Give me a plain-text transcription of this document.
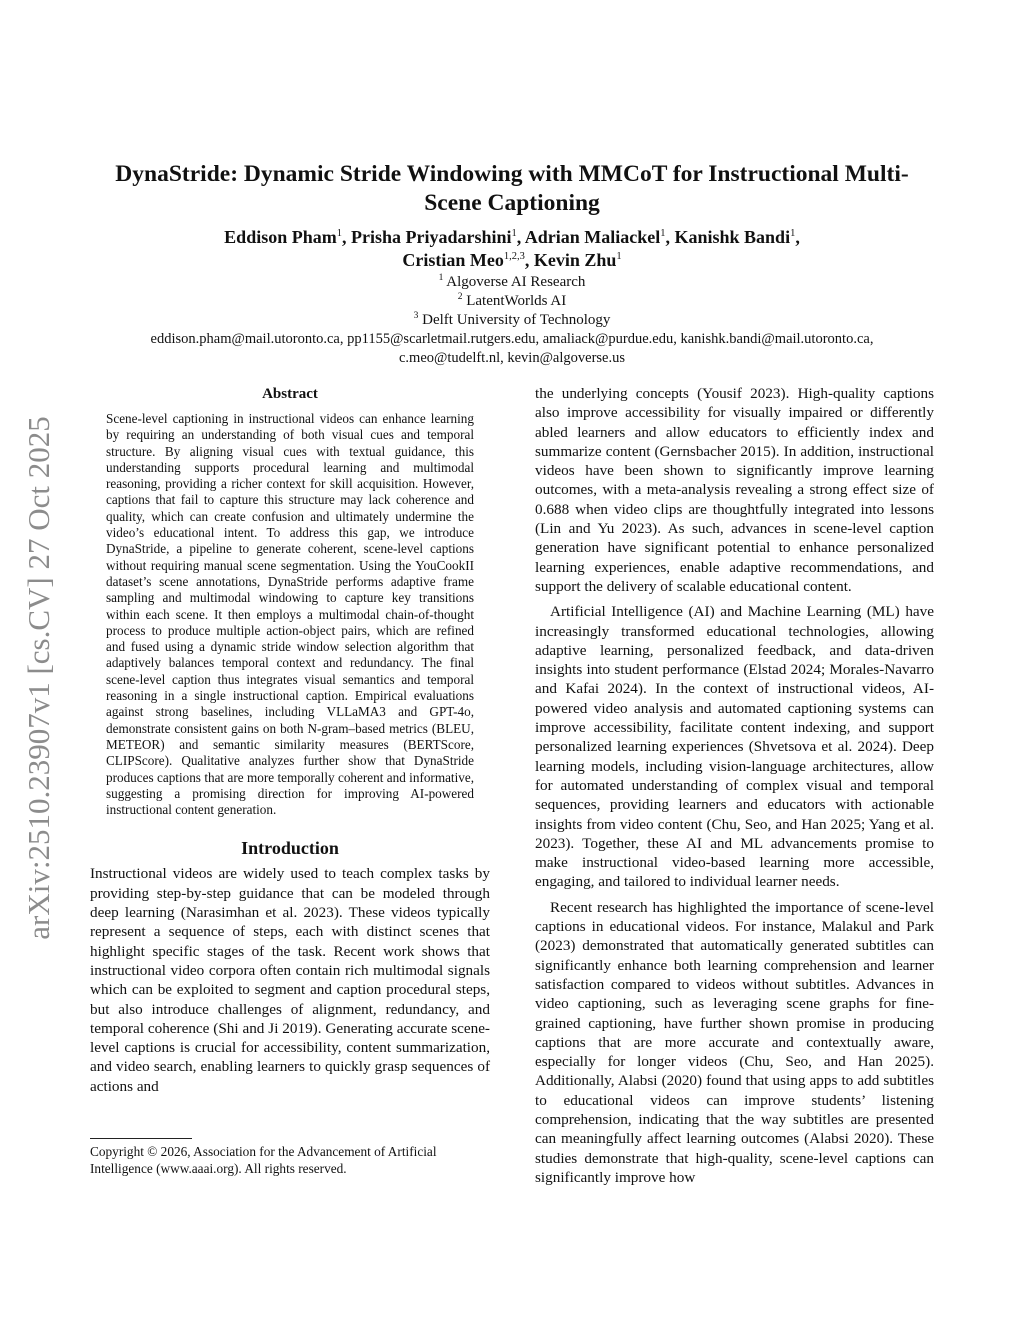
arXiv:2510.23907v1 [cs.CV] 27 Oct 2025
DynaStride: Dynamic Stride Windowing with MMCoT for Instructional Multi-Scene Captioning
Eddison Pham$^1$, Prisha Priyadarshini$^1$, Adrian Maliackel$^1$, Kanishk Bandi$^1$,
Cristian Meo$^{1,2,3}$, Kevin Zhu$^1$
$^1$ Algoverse AI Research
$^2$ LatentWorlds AI
$^3$ Delft University of Technology
eddison.pham@mail.utoronto.ca, pp1155@scarletmail.rutgers.edu, amaliack@purdue.edu, kanishk.bandi@mail.utoronto.ca,
c.meo@tudelft.nl, kevin@algoverse.us
Abstract

Scene-level captioning in instructional videos can enhance learning by requiring an understanding of both visual cues and temporal structure. By aligning visual cues with textual guidance, this understanding supports procedural learning and multimodal reasoning, providing a richer context for skill acquisition. However, captions that fail to capture this structure may lack coherence and quality, which can create confusion and ultimately undermine the video’s educational intent. To address this gap, we introduce DynaStride, a pipeline to generate coherent, scene-level captions without requiring manual scene segmentation. Using the YouCookII dataset’s scene annotations, DynaStride performs adaptive frame sampling and multimodal windowing to capture key transitions within each scene. It then employs a multimodal chain-of-thought process to produce multiple action-object pairs, which are refined and fused using a dynamic stride window selection algorithm that adaptively balances temporal context and redundancy. The final scene-level caption thus integrates visual semantics and temporal reasoning in a single instructional caption. Empirical evaluations against strong baselines, including VLLaMA3 and GPT-4o, demonstrate consistent gains on both N-gram–based metrics (BLEU, METEOR) and semantic similarity measures (BERTScore, CLIPScore). Qualitative analyzes further show that DynaStride produces captions that are more temporally coherent and informative, suggesting a promising direction for improving AI-powered instructional content generation.

Introduction

Instructional videos are widely used to teach complex tasks by providing step-by-step guidance that can be modeled through deep learning (Narasimhan et al. 2023). These videos typically represent a sequence of steps, each with distinct scenes that highlight specific stages of the task. Recent work shows that instructional video corpora often contain rich multimodal signals which can be exploited to segment and caption procedural steps, but also introduce challenges of alignment, redundancy, and temporal coherence (Shi and Ji 2019). Generating accurate scene-level captions is crucial for accessibility, content summarization, and video search, enabling learners to quickly grasp sequences of actions and

the underlying concepts (Yousif 2023). High-quality captions also improve accessibility for visually impaired or differently abled learners and allow educators to efficiently index and summarize content (Gernsbacher 2015). In addition, instructional videos have been shown to significantly improve learning outcomes, with a meta-analysis revealing a strong effect size of 0.688 when video clips are thoughtfully integrated into lessons (Lin and Yu 2023). As such, advances in scene-level caption generation have significant potential to enhance personalized learning experiences, enable adaptive recommendations, and support the delivery of scalable educational content.

Artificial Intelligence (AI) and Machine Learning (ML) have increasingly transformed educational technologies, allowing adaptive learning, personalized feedback, and data-driven insights into student performance (Elstad 2024; Morales-Navarro and Kafai 2024). In the context of instructional videos, AI-powered video analysis and automated captioning systems can improve accessibility, facilitate content indexing, and support personalized learning experiences (Shvetsova et al. 2024). Deep learning models, including vision-language architectures, allow for automated understanding of complex visual and temporal sequences, providing learners and educators with actionable insights from video content (Chu, Seo, and Han 2025; Yang et al. 2023). Together, these AI and ML advancements promise to make instructional video-based learning more accessible, engaging, and tailored to individual learner needs.

Recent research has highlighted the importance of scene-level captions in educational videos. For instance, Malakul and Park (2023) demonstrated that automatically generated subtitles can significantly enhance both learning comprehension and learner satisfaction compared to videos without subtitles. Advances in video captioning, such as leveraging scene graphs for fine-grained captioning, have further shown promise in producing captions that are more accurate and contextually aware, especially for longer videos (Chu, Seo, and Han 2025). Additionally, Alabsi (2020) found that using apps to add subtitles to educational videos can improve students’ listening comprehension, indicating that the way subtitles are presented can meaningfully affect learning outcomes (Alabsi 2020). These studies demonstrate that high-quality, scene-level captions can significantly improve how

Copyright © 2026, Association for the Advancement of Artificial Intelligence (www.aaai.org). All rights reserved.
